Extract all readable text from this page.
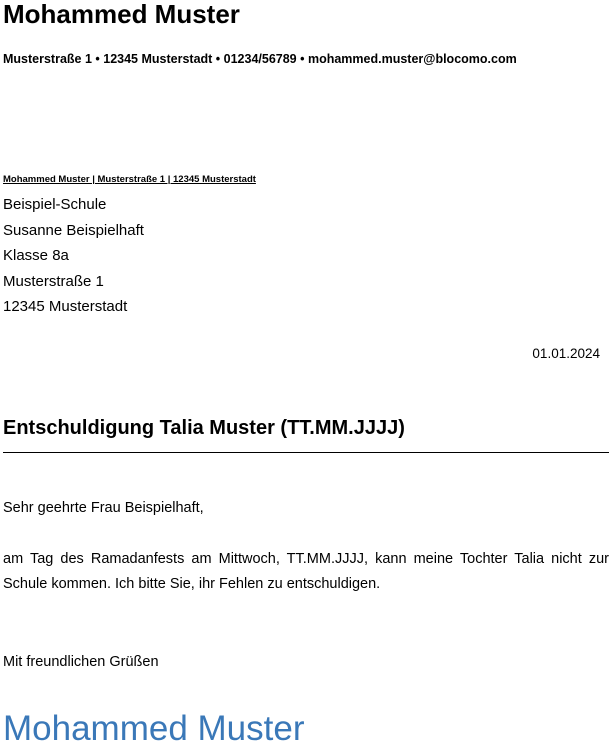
Mohammed Muster
Musterstraße 1 • 12345 Musterstadt • 01234/56789 • mohammed.muster@blocomo.com
Mohammed Muster | Musterstraße 1 | 12345 Musterstadt
Beispiel-Schule
Susanne Beispielhaft
Klasse 8a
Musterstraße 1
12345 Musterstadt
01.01.2024
Entschuldigung Talia Muster (TT.MM.JJJJ)
Sehr geehrte Frau Beispielhaft,
am Tag des Ramadanfests am Mittwoch, TT.MM.JJJJ, kann meine Tochter Talia nicht zur Schule kommen. Ich bitte Sie, ihr Fehlen zu entschuldigen.
Mit freundlichen Grüßen
Mohammed Muster
